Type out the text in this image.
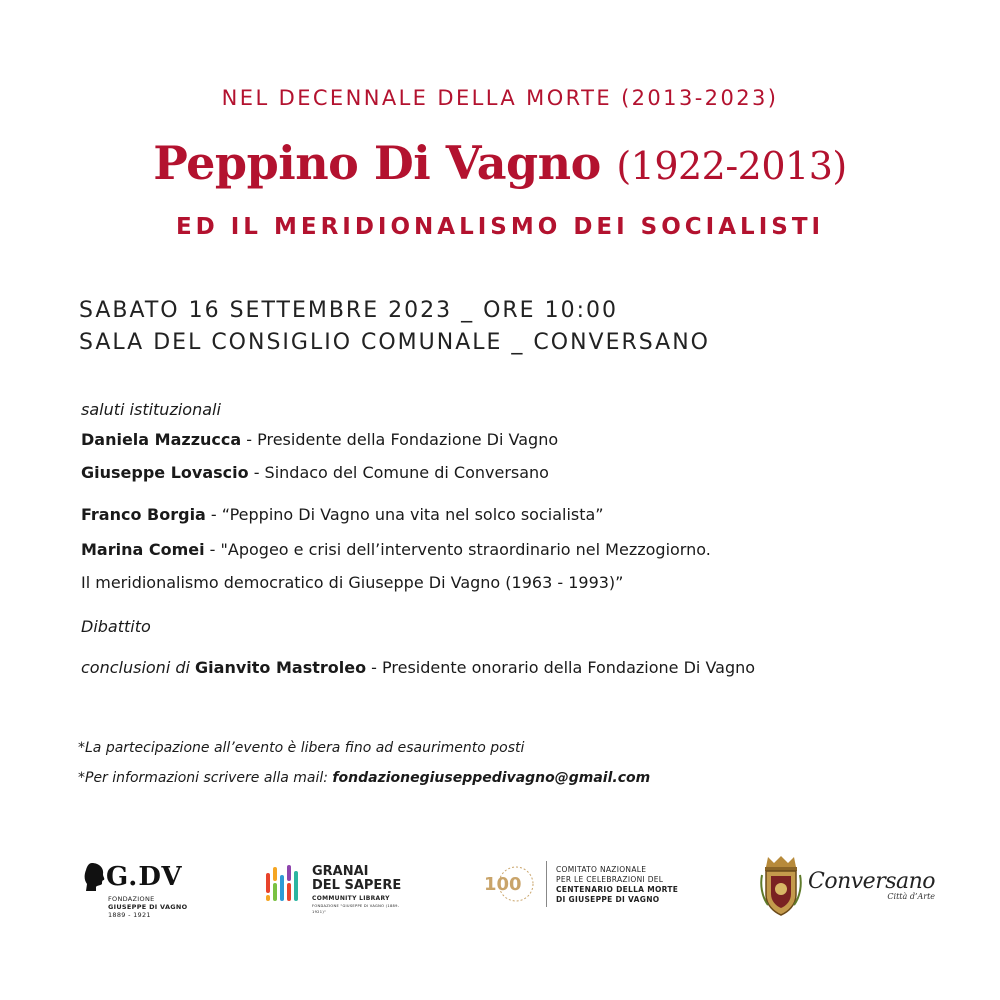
NEL DECENNALE DELLA MORTE (2013-2023)
Peppino Di Vagno (1922-2013)
ED IL MERIDIONALISMO DEI SOCIALISTI
SABATO 16 SETTEMBRE 2023 _ ORE 10:00
SALA DEL CONSIGLIO COMUNALE _ CONVERSANO
saluti istituzionali
Daniela Mazzucca - Presidente della Fondazione Di Vagno
Giuseppe Lovascio - Sindaco del Comune di Conversano
Franco Borgia - “Peppino Di Vagno una vita nel solco socialista”
Marina Comei - "Apogeo e crisi dell’intervento straordinario nel Mezzogiorno.
Il meridionalismo democratico di Giuseppe Di Vagno (1963 - 1993)”
Dibattito
conclusioni di Gianvito Mastroleo - Presidente onorario della Fondazione Di Vagno
*La partecipazione all’evento è libera fino ad esaurimento posti
*Per informazioni scrivere alla mail: fondazionegiuseppedivagno@gmail.com
G.DV
FONDAZIONE
GIUSEPPE DI VAGNO
1889 - 1921
GRANAI
DEL SAPERE
COMMUNITY LIBRARY
FONDAZIONE "GIUSEPPE DI VAGNO (1889-1921)"
100
COMITATO NAZIONALE
PER LE CELEBRAZIONI DEL
CENTENARIO DELLA MORTE
DI GIUSEPPE DI VAGNO
Conversano
Città d’Arte
